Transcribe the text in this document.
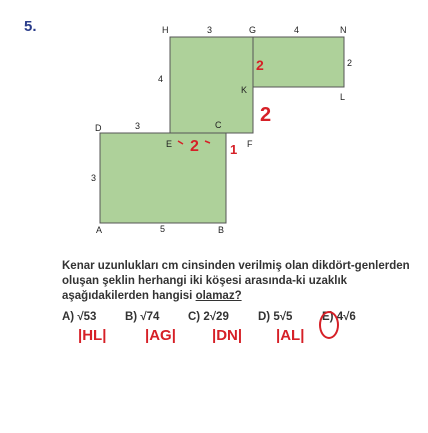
5.	H	G	N
L
K
D	C
E	F
A	B
3	4
4
2
3
3
5
2
2
2 1
Kenar uzunlukları cm cinsinden verilmiş olan dikdört-genlerden oluşan şeklin herhangi iki köşesi arasında-ki uzaklık aşağıdakilerden hangisi olamaz?
A) √53 B) √74 C) 2√29	D) 5√5	E) 4√6
|HL|	|AG| |DN| |AL|
